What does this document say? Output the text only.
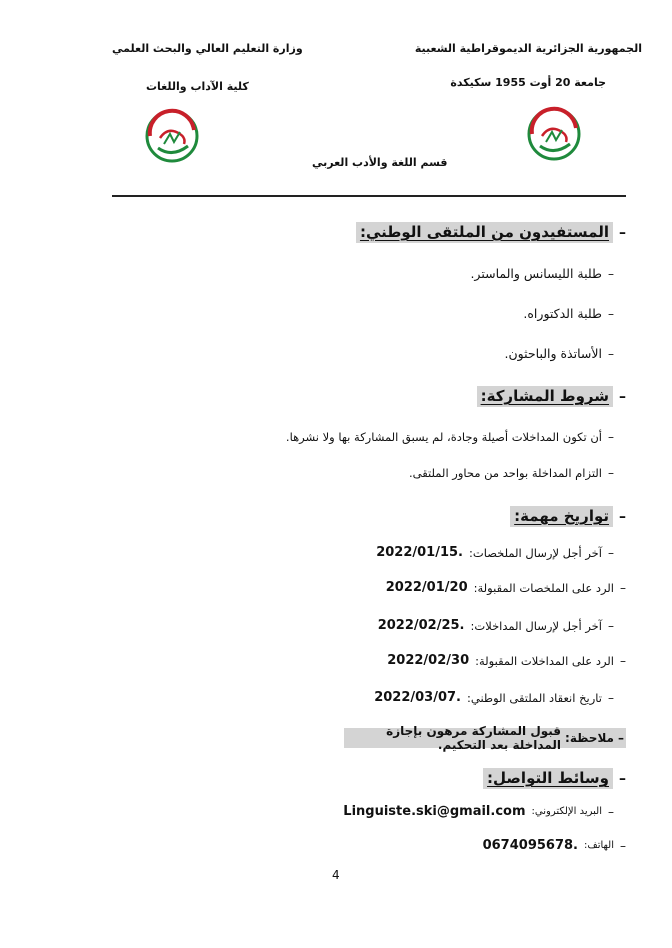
الجمهورية الجزائرية الديموقراطية الشعبية
جامعة 20 أوت 1955 سكيكدة
وزارة التعليم العالي والبحث العلمي
كلية الآداب واللغات
قسم اللغة والأدب العربي
–
المستفيدون من الملتقى الوطني:
–
طلبة الليسانس والماستر.
–
طلبة الدكتوراه.
–
الأساتذة والباحثون.
–
شروط المشاركة:
–
أن تكون المداخلات أصيلة وجادة، لم يسبق المشاركة بها ولا نشرها.
–
التزام المداخلة بواحد من محاور الملتقى.
–
تواريخ مهمة:
–
آخر أجل لإرسال الملخصات:
2022/01/15.
–
الرد على الملخصات المقبولة:
2022/01/20
–
آخر أجل لإرسال المداخلات:
2022/02/25.
–
الرد على المداخلات المقبولة:
2022/02/30
–
تاريخ انعقاد الملتقى الوطني:
2022/03/07.
–
ملاحظة:
قبول المشاركة مرهون بإجازة المداخلة بعد التحكيم.
–
وسائط التواصل:
–
البريد الإلكتروني:
Linguiste.ski@gmail.com
–
الهاتف:
0674095678.
4
